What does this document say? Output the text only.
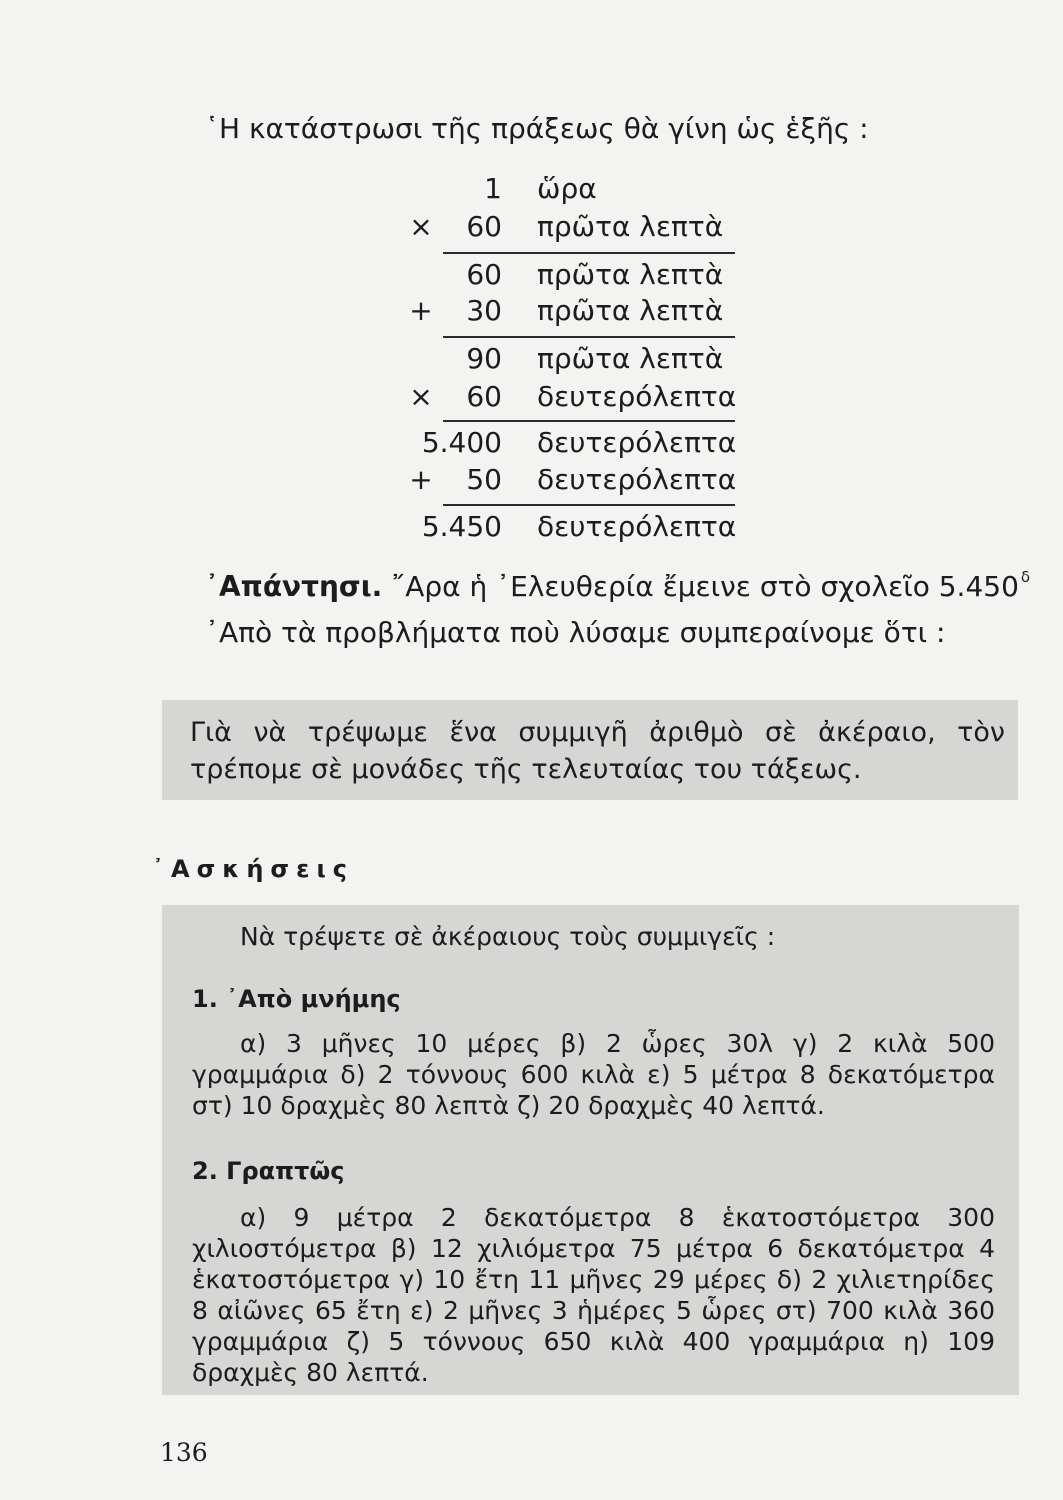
῾Η κατάστρωσι τῆς πράξεως θὰ γίνη ὡς ἑξῆς :
1 ὥρα
× 60 πρῶτα λεπτὰ
60 πρῶτα λεπτὰ
+ 30 πρῶτα λεπτὰ
90 πρῶτα λεπτὰ
× 60 δευτερόλεπτα
5.400 δευτερόλεπτα
+ 50 δευτερόλεπτα
5.450 δευτερόλεπτα
᾿Απάντησι. ῎Αρα ἡ ᾿Ελευθερία ἔμεινε στὸ σχολεῖο 5.450 $^\delta$
᾿Απὸ τὰ προβλήματα ποὺ λύσαμε συμπεραίνομε ὅτι :
Γιὰ νὰ τρέψωμε ἕνα συμμιγῆ ἀριθμὸ σὲ ἀκέραιο, τὸν τρέπομε σὲ μονάδες τῆς τελευταίας του τάξεως.
᾿Ασκήσεις
Νὰ τρέψετε σὲ ἀκέραιους τοὺς συμμιγεῖς :
1. ᾿Απὸ μνήμης
α) 3 μῆνες 10 μέρες β) 2 ὧρες 30λ γ) 2 κιλὰ 500 γραμμάρια δ) 2 τόννους 600 κιλὰ ε) 5 μέτρα 8 δεκατόμετρα στ) 10 δραχμὲς 80 λεπτὰ ζ) 20 δραχμὲς 40 λεπτά.
2. Γραπτῶς
α) 9 μέτρα 2 δεκατόμετρα 8 ἑκατοστόμετρα 300 χιλιοστόμετρα β) 12 χιλιόμετρα 75 μέτρα 6 δεκατόμετρα 4 ἑκατοστόμετρα γ) 10 ἔτη 11 μῆνες 29 μέρες δ) 2 χιλιετηρίδες 8 αἰῶνες 65 ἔτη ε) 2 μῆνες 3 ἡμέρες 5 ὧρες στ) 700 κιλὰ 360 γραμμάρια ζ) 5 τόννους 650 κιλὰ 400 γραμμάρια η) 109 δραχμὲς 80 λεπτά.
136
